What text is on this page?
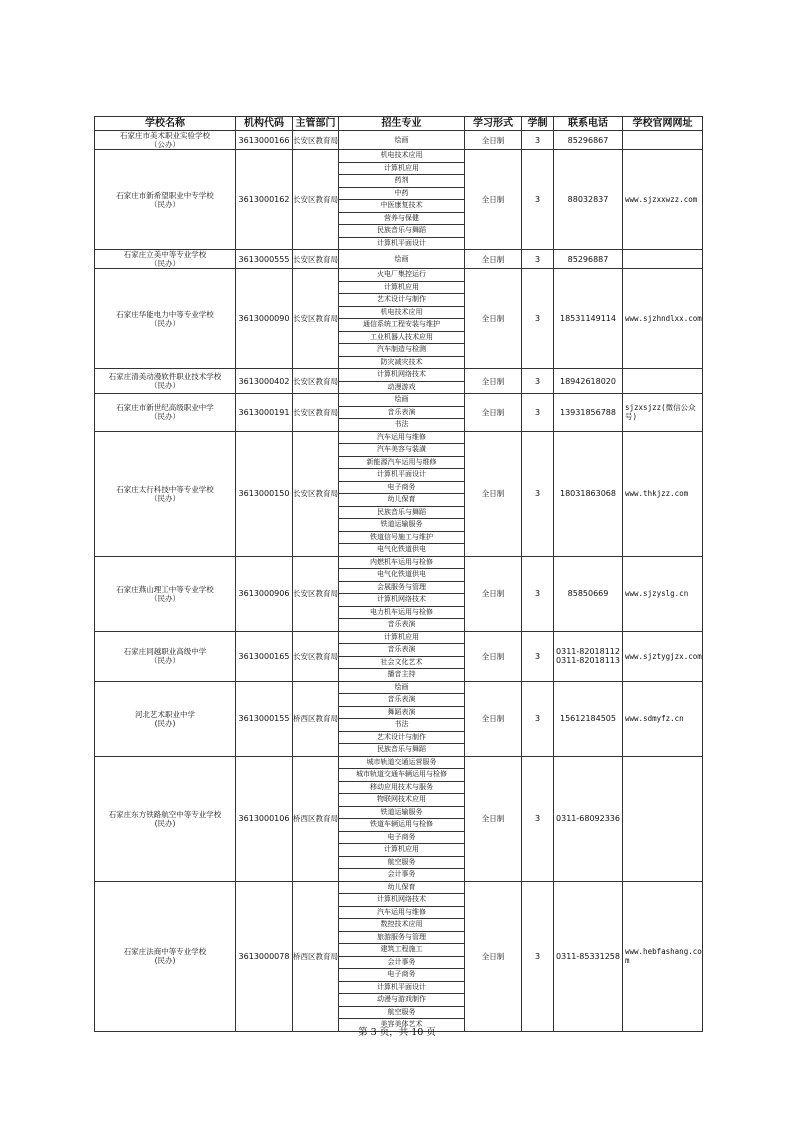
学校名称	机构代码	主管部门	招生专业	学习形式	学制	联系电话	学校官网网址

石家庄市美术职业实验学校
（公办）	3613000166	长安区教育局	绘画	全日制	3	85296867	

石家庄市新希望职业中专学校
（民办）	3613000162	长安区教育局	机电技术应用	全日制	3	88032837	www.sjzxxwzz.com
			计算机应用				
			药剂				
			中药				
			中医康复技术				
			营养与保健				
			民族音乐与舞蹈				
			计算机平面设计				

石家庄立美中等专业学校
（民办）	3613000555	长安区教育局	绘画	全日制	3	85296887	

石家庄华能电力中等专业学校
（民办）	3613000090	长安区教育局	火电厂集控运行	全日制	3	18531149114	www.sjzhndlxx.com
			计算机应用				
			艺术设计与制作				
			机电技术应用				
			通信系统工程安装与维护				
			工业机器人技术应用				
			汽车制造与检测				
			防灾减灾技术				

石家庄清美动漫软件职业技术学校
（民办）	3613000402	长安区教育局	计算机网络技术	全日制	3	18942618020	

			动漫游戏				

石家庄市新世纪高级职业中学
（民办）	3613000191	长安区教育局	绘画	全日制	3	13931856788	sjzxsjzz(微信公众号)
			音乐表演				
			书法				

石家庄太行科技中等专业学校
（民办）	3613000150	长安区教育局	汽车运用与维修	全日制	3	18031863068	www.thkjzz.com
			汽车美容与装潢				
			新能源汽车运用与维修				
			计算机平面设计				
			电子商务				
			幼儿保育				
			民族音乐与舞蹈				
			铁道运输服务				
			铁道信号施工与维护				
			电气化铁道供电				

石家庄燕山理工中等专业学校
（民办）	3613000906	长安区教育局	内燃机车运用与检修	全日制	3	85850669	www.sjzyslg.cn
			电气化铁道供电				
			会展服务与管理				
			计算机网络技术				
			电力机车运用与检修				
			音乐表演				

石家庄同越职业高级中学
（民办）	3613000165	长安区教育局	计算机应用	全日制	3	0311-82018112
0311-82018113	www.sjztygjzx.com
			音乐表演				
			社会文化艺术				
			播音主持				

河北艺术职业中学
(民办)	3613000155	桥西区教育局	绘画	全日制	3	15612184505	www.sdmyfz.cn
			音乐表演				
			舞蹈表演				
			书法				
			艺术设计与制作				
			民族音乐与舞蹈				

石家庄东方铁路航空中等专业学校
(民办)	3613000106	桥西区教育局	城市轨道交通运营服务	全日制	3	0311-68092336	

			城市轨道交通车辆运用与检修				
			移动应用技术与服务				
			物联网技术应用				
			铁道运输服务				
			铁道车辆运用与检修				
			电子商务				
			计算机应用				
			航空服务				
			会计事务				

石家庄法商中等专业学校
(民办)	3613000078	桥西区教育局	幼儿保育	全日制	3	0311-85331258	www.hebfashang.com
			计算机网络技术				
			汽车运用与维修				
			数控技术应用				
			旅游服务与管理				
			建筑工程施工				
			会计事务				
			电子商务				
			计算机平面设计				
			动漫与游戏制作				
			航空服务				
			美容美体艺术				
第 3 页，共 10 页
